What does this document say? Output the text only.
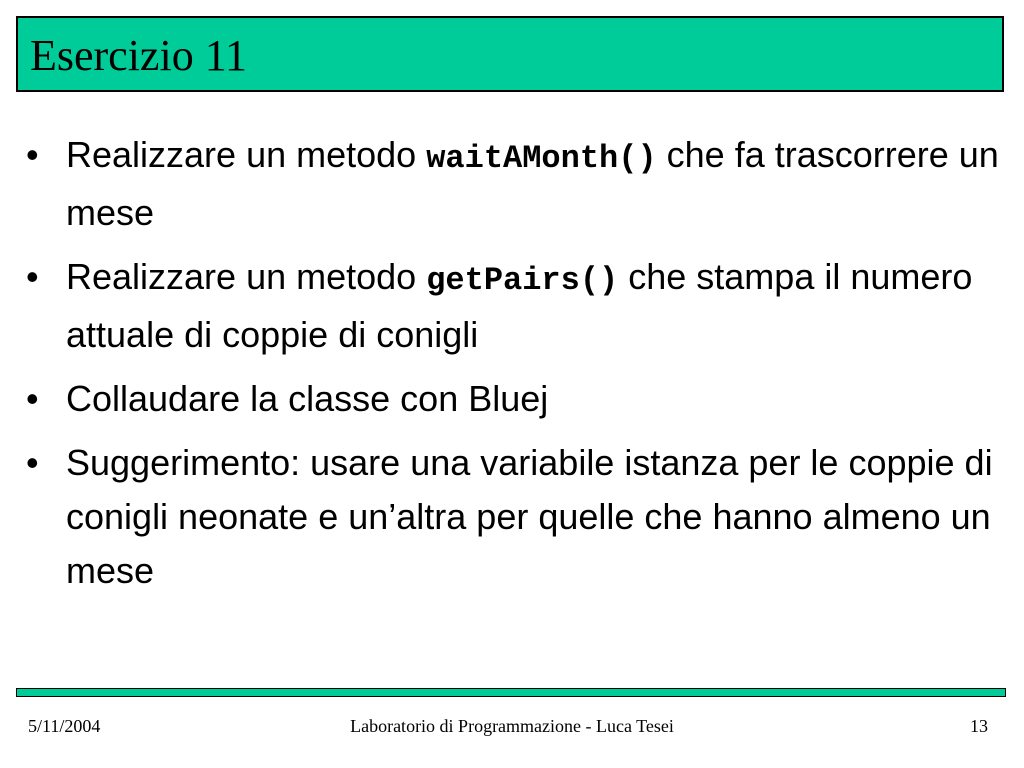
Esercizio 11
• Realizzare un metodo waitAMonth() che fa trascorrere un mese
• Realizzare un metodo getPairs() che stampa il numero attuale di coppie di conigli
• Collaudare la classe con Bluej
• Suggerimento: usare una variabile istanza per le coppie di conigli neonate e un’altra per quelle che hanno almeno un mese
5/11/2004	Laboratorio di Programmazione - Luca Tesei	13
